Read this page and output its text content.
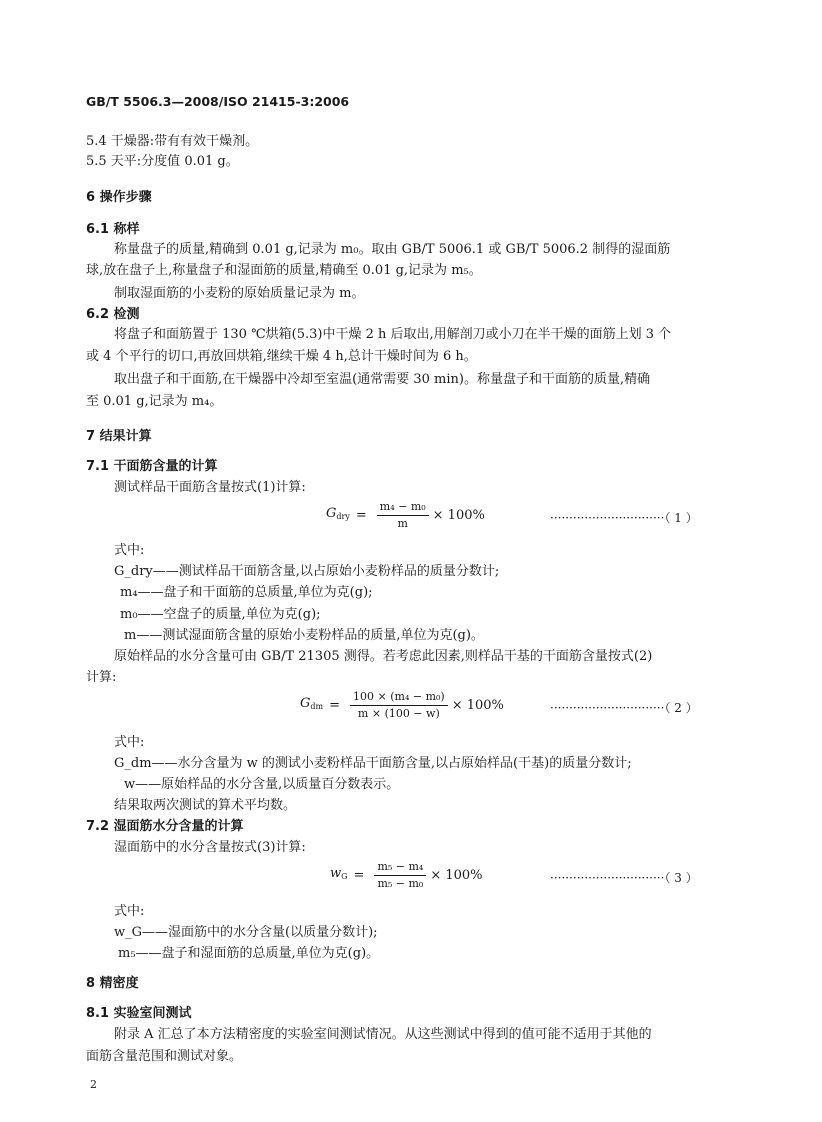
GB/T 5506.3—2008/ISO 21415-3:2006
5.4 干燥器:带有有效干燥剂。
5.5 天平:分度值 0.01 g。
6 操作步骤
6.1 称样
称量盘子的质量,精确到 0.01 g,记录为 m₀。取由 GB/T 5006.1 或 GB/T 5006.2 制得的湿面筋
球,放在盘子上,称量盘子和湿面筋的质量,精确至 0.01 g,记录为 m₅。
制取湿面筋的小麦粉的原始质量记录为 m。
6.2 检测
将盘子和面筋置于 130 ℃烘箱(5.3)中干燥 2 h 后取出,用解剖刀或小刀在半干燥的面筋上划 3 个
或 4 个平行的切口,再放回烘箱,继续干燥 4 h,总计干燥时间为 6 h。
取出盘子和干面筋,在干燥器中冷却至室温(通常需要 30 min)。称量盘子和干面筋的质量,精确
至 0.01 g,记录为 m₄。
7 结果计算
7.1 干面筋含量的计算
测试样品干面筋含量按式(1)计算:
$G_{dry} = \frac{\text{m₄ − m₀}}{m} \times 100\%$	······························（ 1 ）
式中:
G_dry——测试样品干面筋含量,以占原始小麦粉样品的质量分数计;
m₄——盘子和干面筋的总质量,单位为克(g);
m₀——空盘子的质量,单位为克(g);
m——测试湿面筋含量的原始小麦粉样品的质量,单位为克(g)。
原始样品的水分含量可由 GB/T 21305 测得。若考虑此因素,则样品干基的干面筋含量按式(2)
计算:
$G_{dm} = \frac{\text{100 × (m₄ − m₀)}}{m \times (100 - w)} \times 100\%$	······························（ 2 ）
式中:
G_dm——水分含量为 w 的测试小麦粉样品干面筋含量,以占原始样品(干基)的质量分数计;
w——原始样品的水分含量,以质量百分数表示。
结果取两次测试的算术平均数。
7.2 湿面筋水分含量的计算
湿面筋中的水分含量按式(3)计算:
$w_G = \frac{\text{m₅ − m₄}}{\text{m₅ − m₀}} \times 100\%$	······························（ 3 ）
式中:
w_G——湿面筋中的水分含量(以质量分数计);
m₅——盘子和湿面筋的总质量,单位为克(g)。
8 精密度
8.1 实验室间测试
附录 A 汇总了本方法精密度的实验室间测试情况。从这些测试中得到的值可能不适用于其他的
面筋含量范围和测试对象。
2
